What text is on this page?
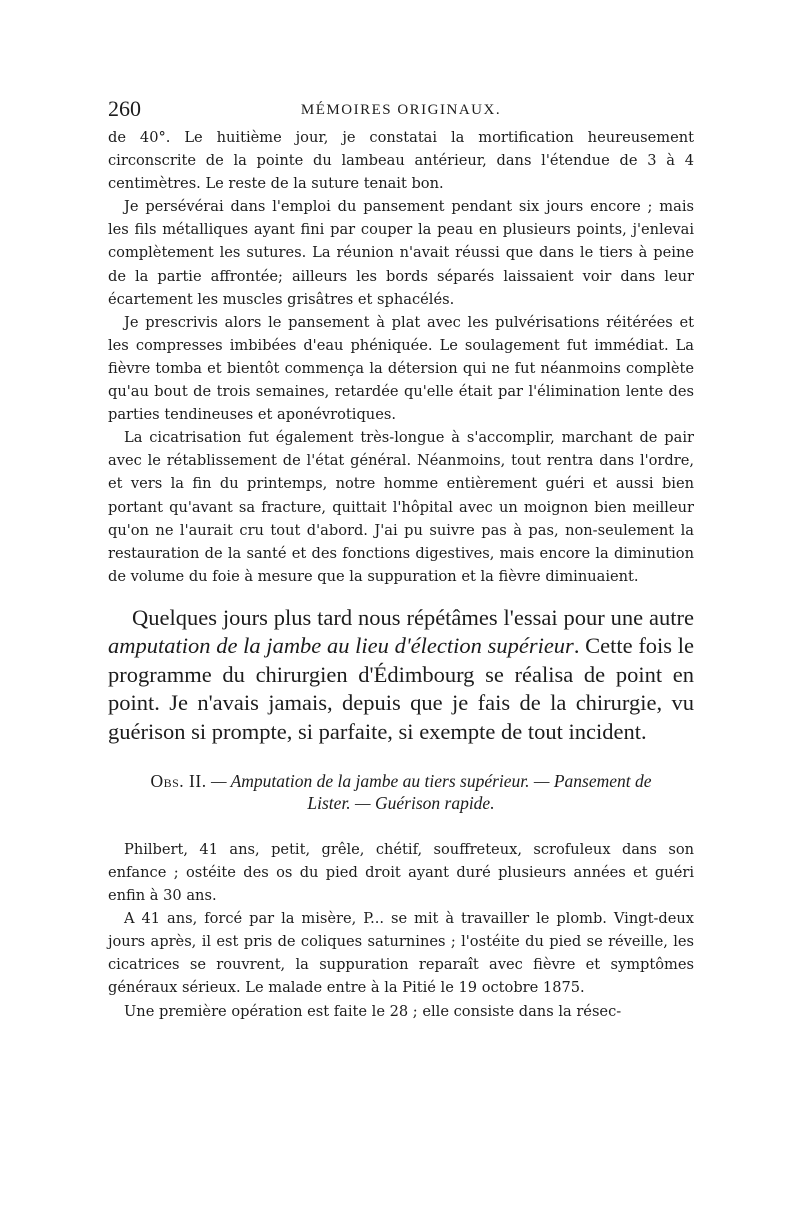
260	MÉMOIRES ORIGINAUX.

de 40°. Le huitième jour, je constatai la mortification heureusement circonscrite de la pointe du lambeau antérieur, dans l'étendue de 3 à 4 centimètres. Le reste de la suture tenait bon.

Je persévérai dans l'emploi du pansement pendant six jours encore ; mais les fils métalliques ayant fini par couper la peau en plusieurs points, j'enlevai complètement les sutures. La réunion n'avait réussi que dans le tiers à peine de la partie affrontée; ailleurs les bords séparés laissaient voir dans leur écartement les muscles grisâtres et sphacélés.

Je prescrivis alors le pansement à plat avec les pulvérisations réitérées et les compresses imbibées d'eau phéniquée. Le soulagement fut immédiat. La fièvre tomba et bientôt commença la détersion qui ne fut néanmoins complète qu'au bout de trois semaines, retardée qu'elle était par l'élimination lente des parties tendineuses et aponévrotiques.

La cicatrisation fut également très-longue à s'accomplir, marchant de pair avec le rétablissement de l'état général. Néanmoins, tout rentra dans l'ordre, et vers la fin du printemps, notre homme entièrement guéri et aussi bien portant qu'avant sa fracture, quittait l'hôpital avec un moignon bien meilleur qu'on ne l'aurait cru tout d'abord. J'ai pu suivre pas à pas, non-seulement la restauration de la santé et des fonctions digestives, mais encore la diminution de volume du foie à mesure que la suppuration et la fièvre diminuaient.

Quelques jours plus tard nous répétâmes l'essai pour une autre amputation de la jambe au lieu d'élection supérieur. Cette fois le programme du chirurgien d'Édimbourg se réalisa de point en point. Je n'avais jamais, depuis que je fais de la chirurgie, vu guérison si prompte, si parfaite, si exempte de tout incident.

Obs. II. — Amputation de la jambe au tiers supérieur. — Pansement de
Lister. — Guérison rapide.

Philbert, 41 ans, petit, grêle, chétif, souffreteux, scrofuleux dans son enfance ; ostéite des os du pied droit ayant duré plusieurs années et guéri enfin à 30 ans.

A 41 ans, forcé par la misère, P... se mit à travailler le plomb. Vingt-deux jours après, il est pris de coliques saturnines ; l'ostéite du pied se réveille, les cicatrices se rouvrent, la suppuration reparaît avec fièvre et symptômes généraux sérieux. Le malade entre à la Pitié le 19 octobre 1875.

Une première opération est faite le 28 ; elle consiste dans la résec-
